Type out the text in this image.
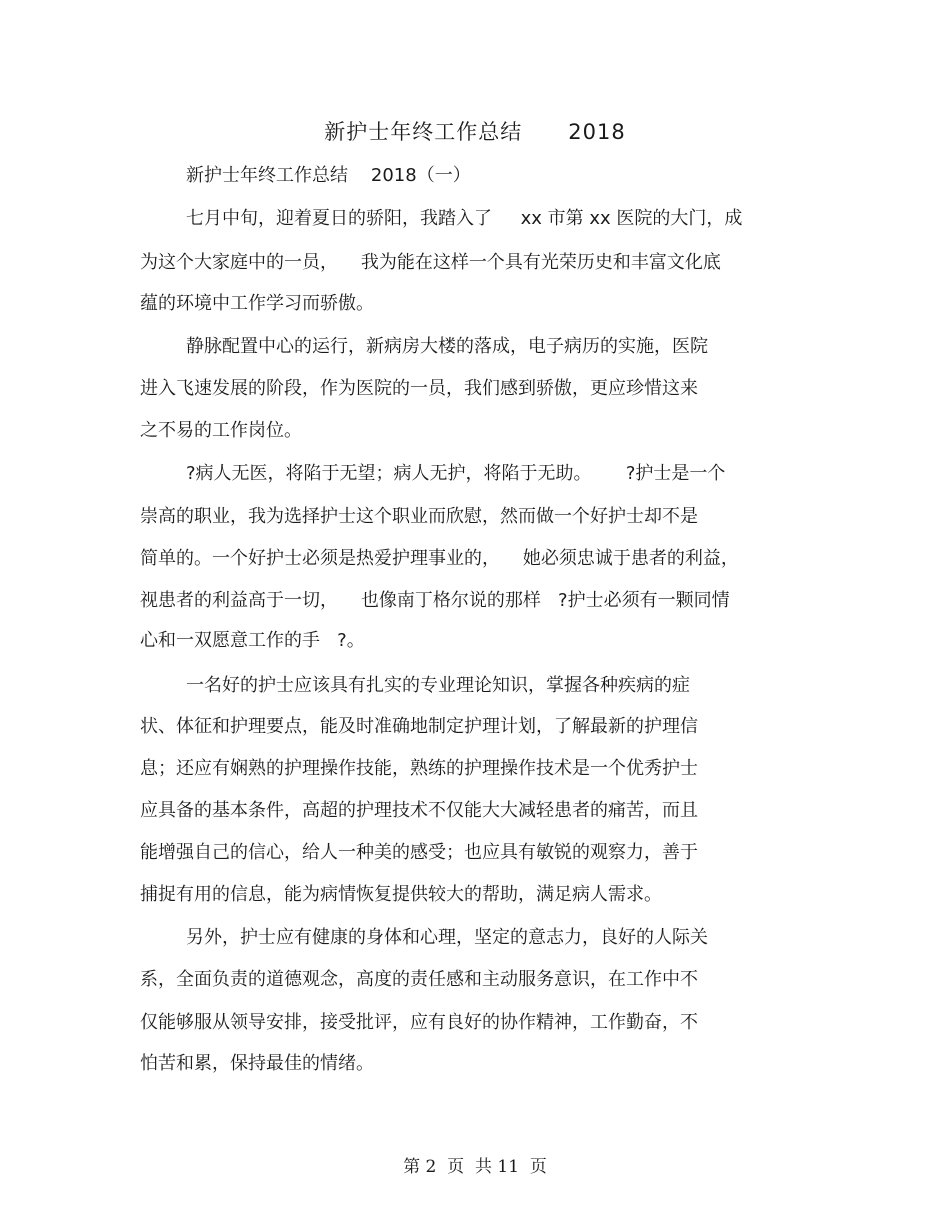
新护士年终工作总结      2018
新护士年终工作总结    2018（一）
七月中旬，迎着夏日的骄阳，我踏入了     xx 市第 xx 医院的大门，成
为这个大家庭中的一员，    我为能在这样一个具有光荣历史和丰富文化底
蕴的环境中工作学习而骄傲。
静脉配置中心的运行，新病房大楼的落成，电子病历的实施，医院
进入飞速发展的阶段，作为医院的一员，我们感到骄傲，更应珍惜这来
之不易的工作岗位。
?病人无医，将陷于无望；病人无护，将陷于无助。      ?护士是一个
崇高的职业，我为选择护士这个职业而欣慰，然而做一个好护士却不是
简单的。一个好护士必须是热爱护理事业的，    她必须忠诚于患者的利益，
视患者的利益高于一切，    也像南丁格尔说的那样   ?护士必须有一颗同情
心和一双愿意工作的手   ?。
一名好的护士应该具有扎实的专业理论知识，掌握各种疾病的症
状、体征和护理要点，能及时准确地制定护理计划，了解最新的护理信
息；还应有娴熟的护理操作技能，熟练的护理操作技术是一个优秀护士
应具备的基本条件，高超的护理技术不仅能大大减轻患者的痛苦，而且
能增强自己的信心，给人一种美的感受；也应具有敏锐的观察力，善于
捕捉有用的信息，能为病情恢复提供较大的帮助，满足病人需求。
另外，护士应有健康的身体和心理，坚定的意志力，良好的人际关
系，全面负责的道德观念，高度的责任感和主动服务意识，在工作中不
仅能够服从领导安排，接受批评，应有良好的协作精神，工作勤奋，不
怕苦和累，保持最佳的情绪。
第 2  页  共 11  页
